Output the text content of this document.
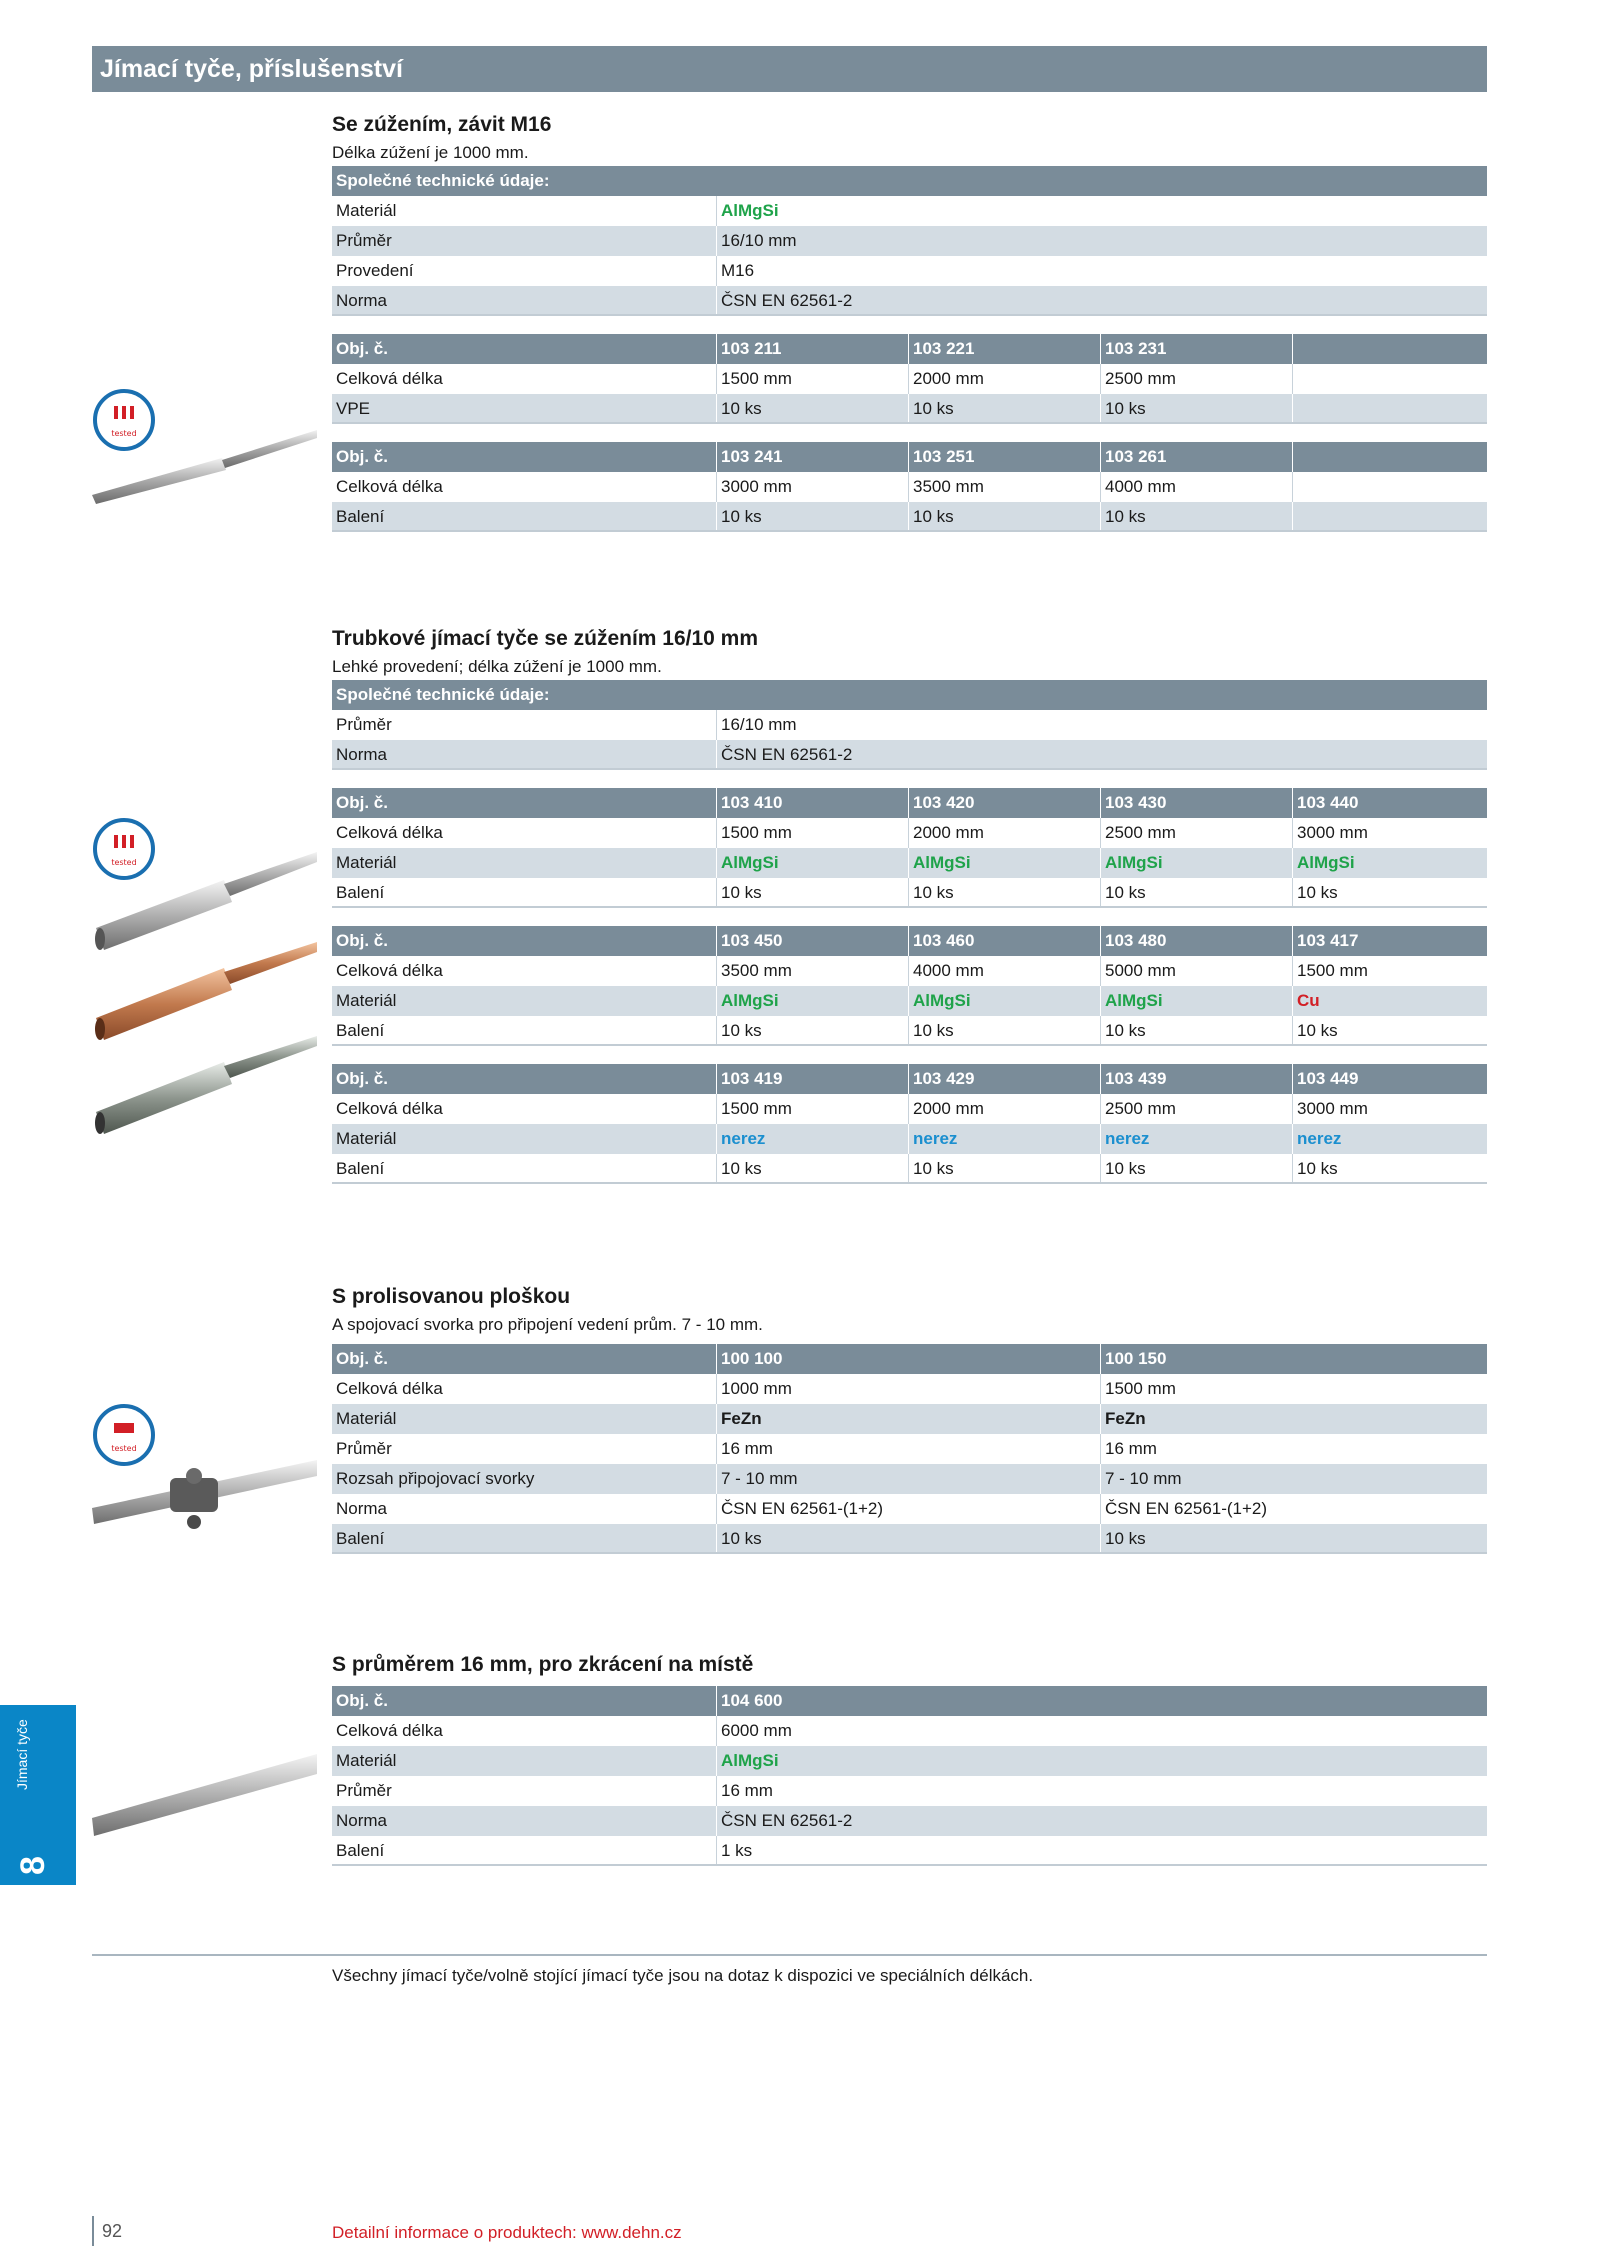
Jímací tyče, příslušenství
Se zúžením, závit M16
Délka zúžení je 1000 mm.
Společné technické údaje:
Materiál	AlMgSi
Průměr	16/10 mm
Provedení	M16
Norma	ČSN EN 62561-2
Obj. č.	103 211	103 221	103 231
Celková délka	1500 mm	2000 mm	2500 mm
VPE	10 ks	10 ks	10 ks
Obj. č.	103 241	103 251	103 261
Celková délka	3000 mm	3500 mm	4000 mm
Balení	10 ks	10 ks	10 ks
Trubkové jímací tyče se zúžením 16/10 mm
Lehké provedení; délka zúžení je 1000 mm.
Společné technické údaje:
Průměr	16/10 mm
Norma	ČSN EN 62561-2
Obj. č.	103 410	103 420	103 430	103 440
Celková délka	1500 mm	2000 mm	2500 mm	3000 mm
Materiál	AlMgSi	AlMgSi	AlMgSi	AlMgSi
Balení	10 ks	10 ks	10 ks	10 ks
Obj. č.	103 450	103 460	103 480	103 417
Celková délka	3500 mm	4000 mm	5000 mm	1500 mm
Materiál	AlMgSi	AlMgSi	AlMgSi	Cu
Balení	10 ks	10 ks	10 ks	10 ks
Obj. č.	103 419	103 429	103 439	103 449
Celková délka	1500 mm	2000 mm	2500 mm	3000 mm
Materiál	nerez	nerez	nerez	nerez
Balení	10 ks	10 ks	10 ks	10 ks
S prolisovanou ploškou
A spojovací svorka pro připojení vedení prům. 7 - 10 mm.
Obj. č.	100 100	100 150
Celková délka	1000 mm	1500 mm
Materiál	FeZn	FeZn
Průměr	16 mm	16 mm
Rozsah připojovací svorky	7 - 10 mm	7 - 10 mm
Norma	ČSN EN 62561-(1+2)	ČSN EN 62561-(1+2)
Balení	10 ks	10 ks
S průměrem 16 mm, pro zkrácení na místě
Obj. č.	104 600
Celková délka	6000 mm
Materiál	AlMgSi
Průměr	16 mm
Norma	ČSN EN 62561-2
Balení	1 ks
tested
tested
tested
Jímací tyče
8
Všechny jímací tyče/volně stojící jímací tyče jsou na dotaz k dispozici ve speciálních délkách.
92	Detailní informace o produktech: www.dehn.cz
